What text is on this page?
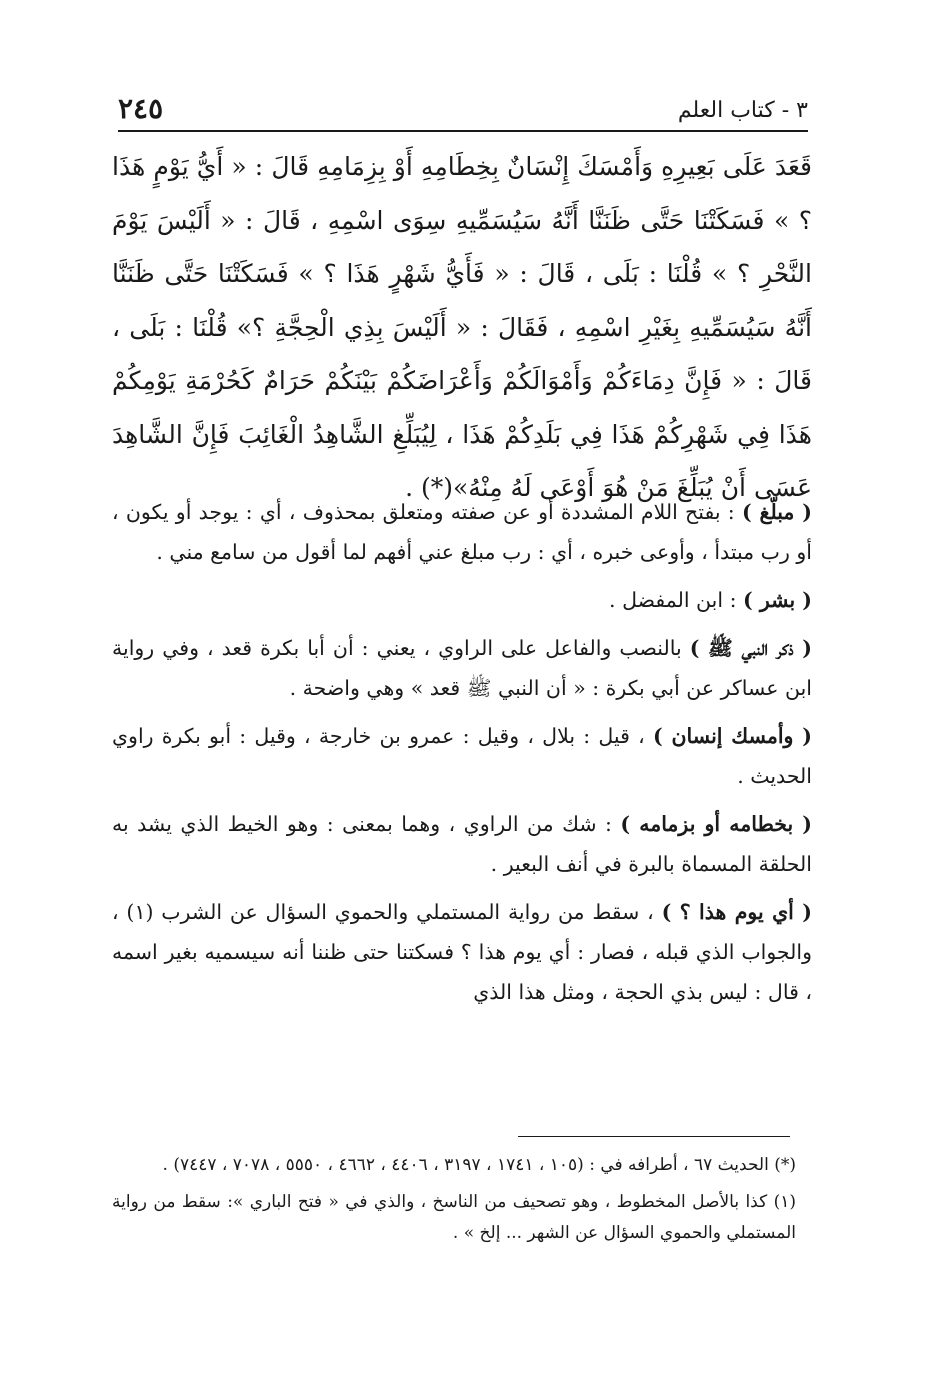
٣ - كتاب العلم
٢٤٥
قَعَدَ عَلَى بَعِيرِهِ وَأَمْسَكَ إِنْسَانٌ بِخِطَامِهِ أَوْ بِزِمَامِهِ قَالَ : « أَيُّ يَوْمٍ هَذَا ؟ » فَسَكَتْنَا حَتَّى ظَنَنَّا أَنَّهُ سَيُسَمِّيهِ سِوَى اسْمِهِ ، قَالَ : « أَلَيْسَ يَوْمَ النَّحْرِ ؟ » قُلْنَا : بَلَى ، قَالَ : « فَأَيُّ شَهْرٍ هَذَا ؟ » فَسَكَتْنَا حَتَّى ظَنَنَّا أَنَّهُ سَيُسَمِّيهِ بِغَيْرِ اسْمِهِ ، فَقَالَ : « أَلَيْسَ بِذِي الْحِجَّةِ ؟» قُلْنَا : بَلَى ، قَالَ : « فَإِنَّ دِمَاءَكُمْ وَأَمْوَالَكُمْ وَأَعْرَاضَكُمْ بَيْنَكُمْ حَرَامٌ كَحُرْمَةِ يَوْمِكُمْ هَذَا فِي شَهْرِكُمْ هَذَا فِي بَلَدِكُمْ هَذَا ، لِيُبَلِّغِ الشَّاهِدُ الْغَائِبَ فَإِنَّ الشَّاهِدَ عَسَى أَنْ يُبَلِّغَ مَنْ هُوَ أَوْعَى لَهُ مِنْهُ»(*) .

( مبلّغ ) : بفتح اللام المشددة أو عن صفته ومتعلق بمحذوف ، أي : يوجد أو يكون ، أو رب مبتدأ ، وأوعى خبره ، أي : رب مبلغ عني أفهم لما أقول من سامع مني .

( بشر ) : ابن المفضل .

( ذكر النبي ﷺ ) بالنصب والفاعل على الراوي ، يعني : أن أبا بكرة قعد ، وفي رواية ابن عساكر عن أبي بكرة : « أن النبي ﷺ قعد » وهي واضحة .

( وأمسك إنسان ) ، قيل : بلال ، وقيل : عمرو بن خارجة ، وقيل : أبو بكرة راوي الحديث .

( بخطامه أو بزمامه ) : شك من الراوي ، وهما بمعنى : وهو الخيط الذي يشد به الحلقة المسماة بالبرة في أنف البعير .

( أي يوم هذا ؟ ) ، سقط من رواية المستملي والحموي السؤال عن الشرب (١) ، والجواب الذي قبله ، فصار : أي يوم هذا ؟ فسكتنا حتى ظننا أنه سيسميه بغير اسمه ، قال : ليس بذي الحجة ، ومثل هذا الذي

(*) الحديث ٦٧ ، أطرافه في : (١٠٥ ، ١٧٤١ ، ٣١٩٧ ، ٤٤٠٦ ، ٤٦٦٢ ، ٥٥٥٠ ، ٧٠٧٨ ، ٧٤٤٧) .

(١) كذا بالأصل المخطوط ، وهو تصحيف من الناسخ ، والذي في « فتح الباري »: سقط من رواية المستملي والحموي السؤال عن الشهر ... إلخ » .
